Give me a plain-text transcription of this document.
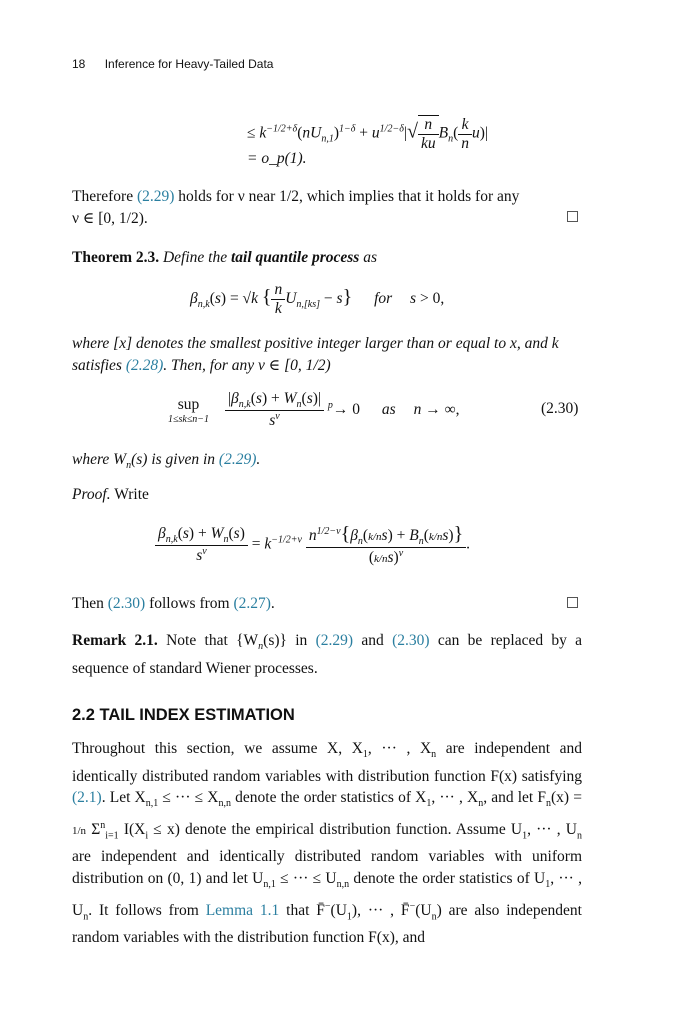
18 Inference for Heavy-Tailed Data
≤ $k^{-1/2+\delta}(nU_{n,1})^{1-\delta} + u^{1/2-\delta}|√ \frac{n}{ku} B_n( \frac{k}{n} u)|$
= o_p(1).
Therefore (2.29) holds for ν near 1/2, which implies that it holds for any
ν ∈ [0, 1/2).
Theorem 2.3. Define the tail quantile process as
$\beta_{n,k}(s) = √k$ { $\frac{n}{k} U_{n,[ks]} - s$} for s > 0,
where [x] denotes the smallest positive integer larger than or equal to x, and k
satisfies (2.28). Then, for any ν ∈ [0, 1/2)
sup
1≤sk≤n−1
$\frac{|\beta_{n,k}(s) + W_n(s)|}{s^\nu} ^p\to 0$ as n → ∞,	(2.30)
where $W_n(s)$ is given in (2.29).
Proof. Write
$\frac{\beta_{n,k}(s) + W_n(s)}{s^\nu} = k^{-1/2+\nu} \frac{n^{1/2-\nu}\{\beta_n(k/ns) + B_n(k/ns)\}}{(k/ns)^\nu}$ .
Then (2.30) follows from (2.27).
Remark 2.1. Note that $\{W_n(s)\}$ in (2.29) and (2.30) can be replaced by a sequence of standard Wiener processes.
2.2 TAIL INDEX ESTIMATION
Throughout this section, we assume X, $X_1$, ··· , $X_n$ are independent and identically distributed random variables with distribution function F(x) satisfying (2.1). Let $X_{n,1}$ ≤ ··· ≤ $X_{n,n}$ denote the order statistics of $X_1$, ··· , $X_n$, and let $F_n(x) = 1/n$ $\Sigma^n_{i=1}$ $I(X_i \le x)$ denote the empirical distribution function. Assume $U_1$, ··· , $U_n$ are independent and identically distributed random variables with uniform distribution on (0, 1) and let $U_{n,1}$ ≤ ··· ≤ $U_{n,n}$ denote the order statistics of $U_1$, ··· , $U_n$. It follows from Lemma 1.1 that $F̄^-(U_1)$, ··· , $F̄^-(U_n)$ are also independent random variables with the distribution function F(x), and
